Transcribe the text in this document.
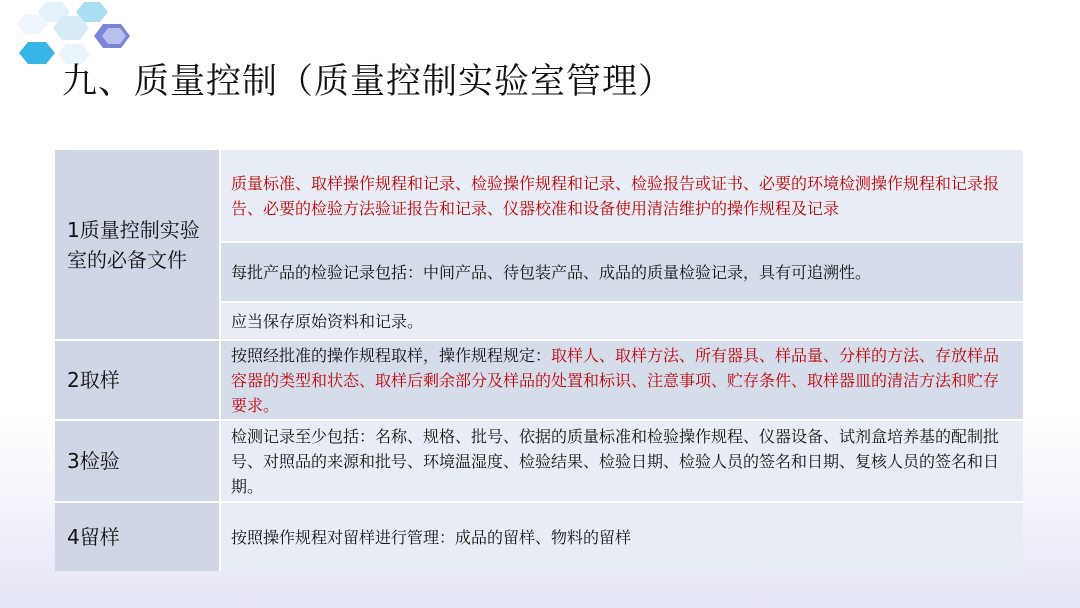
九、质量控制（质量控制实验室管理）
1质量控制实验室的必备文件

质量标准、取样操作规程和记录、检验操作规程和记录、检验报告或证书、必要的环境检测操作规程和记录报告、必要的检验方法验证报告和记录、仪器校准和设备使用清洁维护的操作规程及记录

每批产品的检验记录包括：中间产品、待包装产品、成品的质量检验记录，具有可追溯性。

应当保存原始资料和记录。

2取样

按照经批准的操作规程取样，操作规程规定：取样人、取样方法、所有器具、样品量、分样的方法、存放样品容器的类型和状态、取样后剩余部分及样品的处置和标识、注意事项、贮存条件、取样器皿的清洁方法和贮存要求。

3检验

检测记录至少包括：名称、规格、批号、依据的质量标准和检验操作规程、仪器设备、试剂盒培养基的配制批号、对照品的来源和批号、环境温湿度、检验结果、检验日期、检验人员的签名和日期、复核人员的签名和日期。

4留样	按照操作规程对留样进行管理：成品的留样、物料的留样
